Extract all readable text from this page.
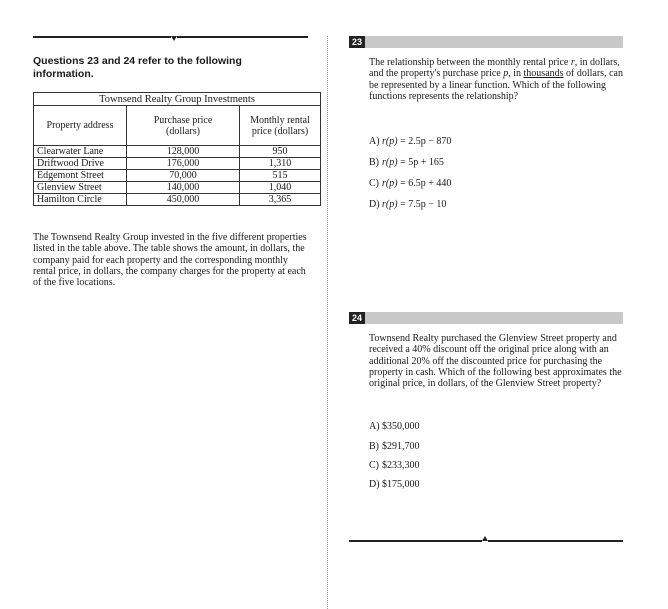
Questions 23 and 24 refer to the following information.
Townsend Realty Group Investments		
Property address	Purchase price (dollars)	Monthly rental price (dollars)
Clearwater Lane	128,000	950
Driftwood Drive	176,000	1,310
Edgemont Street	70,000	515
Glenview Street	140,000	1,040
Hamilton Circle	450,000	3,365
The Townsend Realty Group invested in the five different properties listed in the table above. The table shows the amount, in dollars, the company paid for each property and the corresponding monthly rental price, in dollars, the company charges for the property at each of the five locations.
23
The relationship between the monthly rental price r, in dollars, and the property's purchase price p, in thousands of dollars, can be represented by a linear function. Which of the following functions represents the relationship?
A) r(p) = 2.5p − 870
B) r(p) = 5p + 165
C) r(p) = 6.5p + 440
D) r(p) = 7.5p − 10
24
Townsend Realty purchased the Glenview Street property and received a 40% discount off the original price along with an additional 20% off the discounted price for purchasing the property in cash. Which of the following best approximates the original price, in dollars, of the Glenview Street property?
A) $350,000
B) $291,700
C) $233,300
D) $175,000
